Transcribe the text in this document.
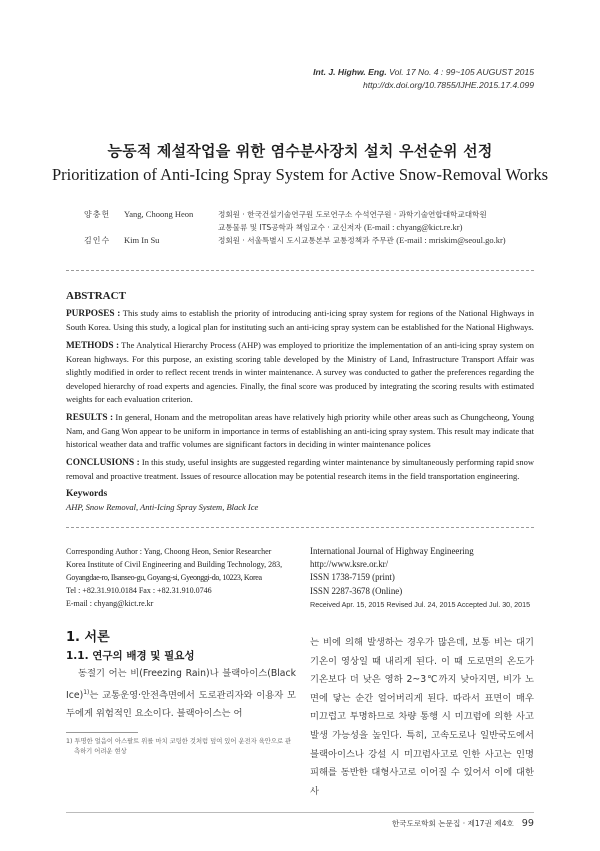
Int. J. Highw. Eng. Vol. 17 No. 4 : 99~105 AUGUST 2015
http://dx.doi.org/10.7855/IJHE.2015.17.4.099
능동적 제설작업을 위한 염수분사장치 설치 우선순위 선정
Prioritization of Anti-Icing Spray System for Active Snow-Removal Works
양충헌	Yang, Choong Heon	정회원 · 한국건설기술연구원 도로연구소 수석연구원 · 과학기술연합대학교대학원
교통물류 및 ITS공학과 책임교수 · 교신저자 (E-mail : chyang@kict.re.kr)
김인수	Kim In Su	정회원 · 서울특별시 도시교통본부 교통정책과 주무관 (E-mail : mriskim@seoul.go.kr)
ABSTRACT

PURPOSES : This study aims to establish the priority of introducing anti-icing spray system for regions of the National Highways in South Korea. Using this study, a logical plan for instituting such an anti-icing spray system can be established for the National Highways.

METHODS : The Analytical Hierarchy Process (AHP) was employed to prioritize the implementation of an anti-icing spray system on Korean highways. For this purpose, an existing scoring table developed by the Ministry of Land, Infrastructure Transport Affair was slightly modified in order to reflect recent trends in winter maintenance. A survey was conducted to gather the preferences regarding the developed hierarchy of road experts and agencies. Finally, the final score was produced by integrating the scoring results with estimated weights for each evaluation criterion.

RESULTS : In general, Honam and the metropolitan areas have relatively high priority while other areas such as Chungcheong, Young Nam, and Gang Won appear to be uniform in importance in terms of establishing an anti-icing spray system. This result may indicate that historical weather data and traffic volumes are significant factors in deciding in winter maintenance polices

CONCLUSIONS : In this study, useful insights are suggested regarding winter maintenance by simultaneously performing rapid snow removal and proactive treatment. Issues of resource allocation may be potential research items in the field transportation engineering.

Keywords
AHP, Snow Removal, Anti-Icing Spray System, Black Ice
Corresponding Author : Yang, Choong Heon, Senior Researcher
Korea Institute of Civil Engineering and Building Technology, 283,
Goyangdae-ro, Ilsanseo-gu, Goyang-si, Gyeonggi-do, 10223, Korea
Tel : +82.31.910.0184 Fax : +82.31.910.0746
E-mail : chyang@kict.re.kr
International Journal of Highway Engineering
http://www.ksre.or.kr/
ISSN 1738-7159 (print)
ISSN 2287-3678 (Online)
Received Apr. 15, 2015 Revised Jul. 24, 2015 Accepted Jul. 30, 2015
1. 서론
1.1. 연구의 배경 및 필요성

동절기 어는 비(Freezing Rain)나 블랙아이스(Black Ice)$^{1)}$는 교통운영·안전측면에서 도로관리자와 이용자 모두에게 위험적인 요소이다. 블랙아이스는 어

1) 투명한 얼음이 아스팔트 위를 마치 코팅한 것처럼 덮여 있어 운전자 육안으로 관측하기 어려운 현상
는 비에 의해 발생하는 경우가 많은데, 보통 비는 대기 기온이 영상일 때 내리게 된다. 이 때 도로면의 온도가 기온보다 더 낮은 영하 2~3℃까지 낮아지면, 비가 노면에 닿는 순간 얼어버리게 된다. 따라서 표면이 매우 미끄럽고 투명하므로 차량 통행 시 미끄럼에 의한 사고 발생 가능성을 높인다. 특히, 고속도로나 일반국도에서 블랙아이스나 강설 시 미끄럼사고로 인한 사고는 인명피해를 동반한 대형사고로 이어질 수 있어서 이에 대한 사
한국도로학회 논문집 · 제17권 제4호 99
